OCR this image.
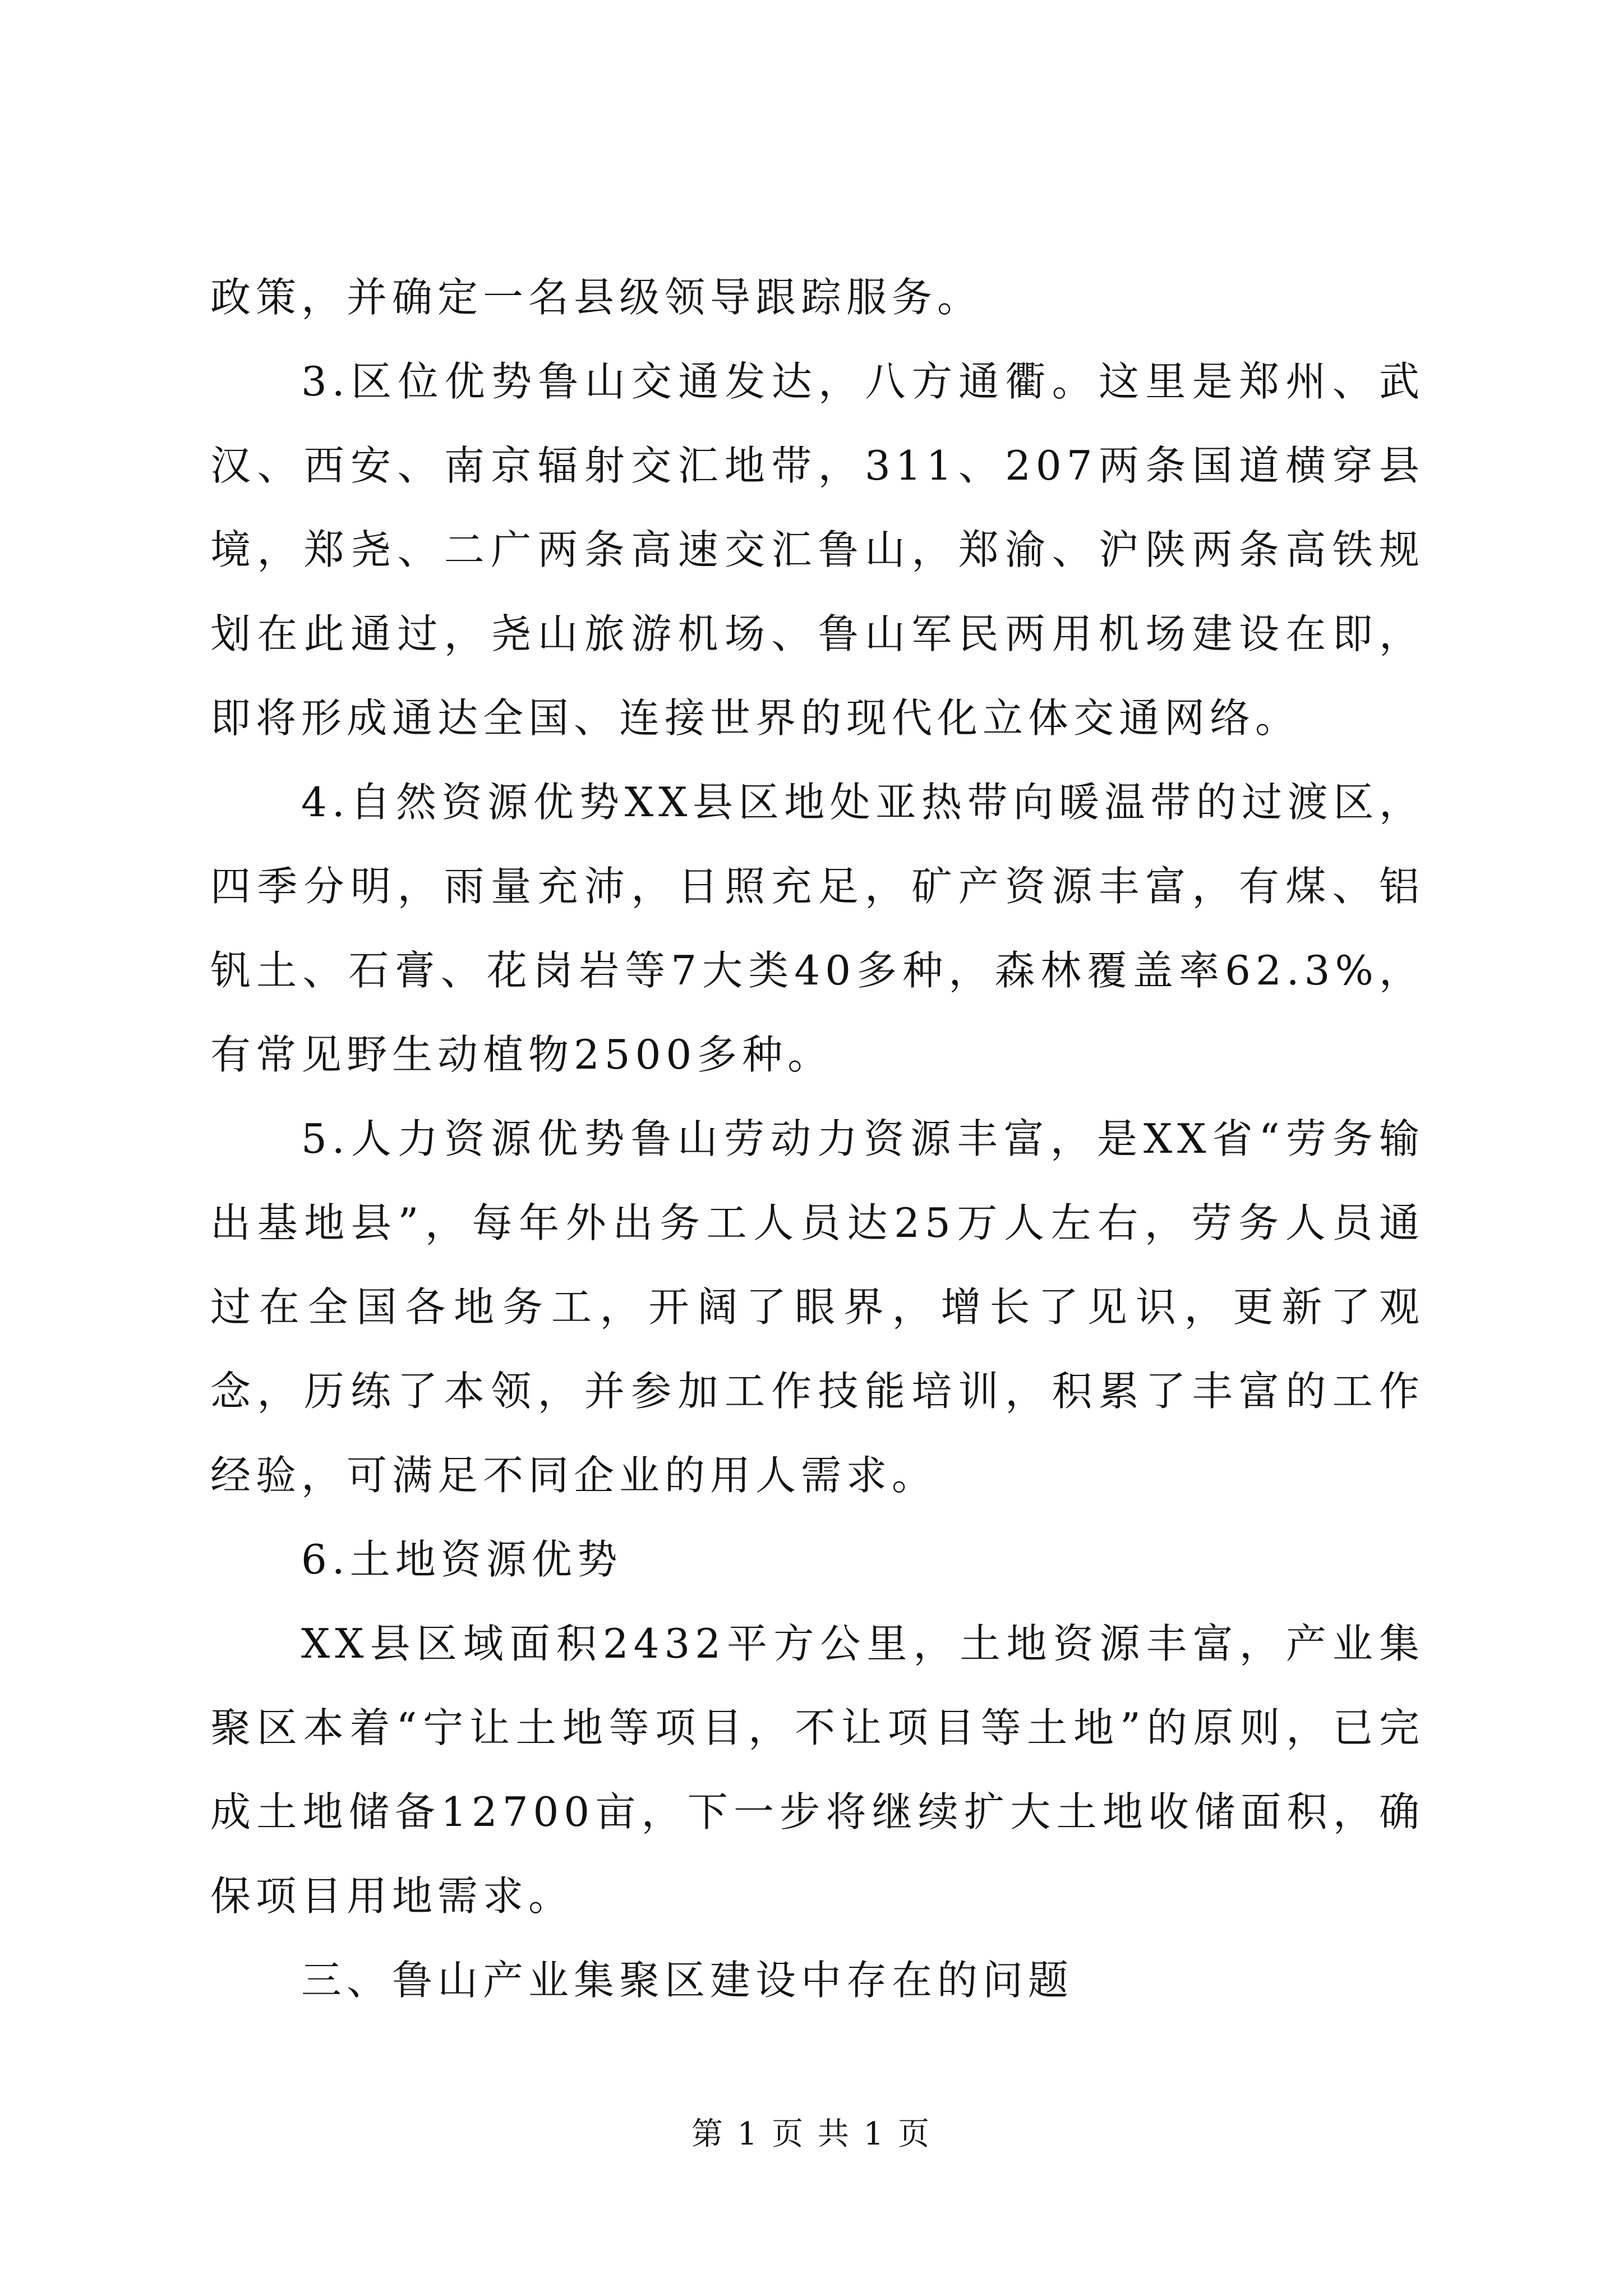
政策，并确定一名县级领导跟踪服务。

3.区位优势鲁山交通发达，八方通衢。这里是郑州、武汉、西安、南京辐射交汇地带，311、207两条国道横穿县境，郑尧、二广两条高速交汇鲁山，郑渝、沪陕两条高铁规划在此通过，尧山旅游机场、鲁山军民两用机场建设在即，即将形成通达全国、连接世界的现代化立体交通网络。

4.自然资源优势XX县区地处亚热带向暖温带的过渡区，四季分明，雨量充沛，日照充足，矿产资源丰富，有煤、铝钒土、石膏、花岗岩等7大类40多种，森林覆盖率62.3%，有常见野生动植物2500多种。

5.人力资源优势鲁山劳动力资源丰富，是XX省“劳务输出基地县”，每年外出务工人员达25万人左右，劳务人员通过在全国各地务工，开阔了眼界，增长了见识，更新了观念，历练了本领，并参加工作技能培训，积累了丰富的工作经验，可满足不同企业的用人需求。

6.土地资源优势

XX县区域面积2432平方公里，土地资源丰富，产业集聚区本着“宁让土地等项目，不让项目等土地”的原则，已完成土地储备12700亩，下一步将继续扩大土地收储面积，确保项目用地需求。

三、鲁山产业集聚区建设中存在的问题

第 1 页 共 1 页
